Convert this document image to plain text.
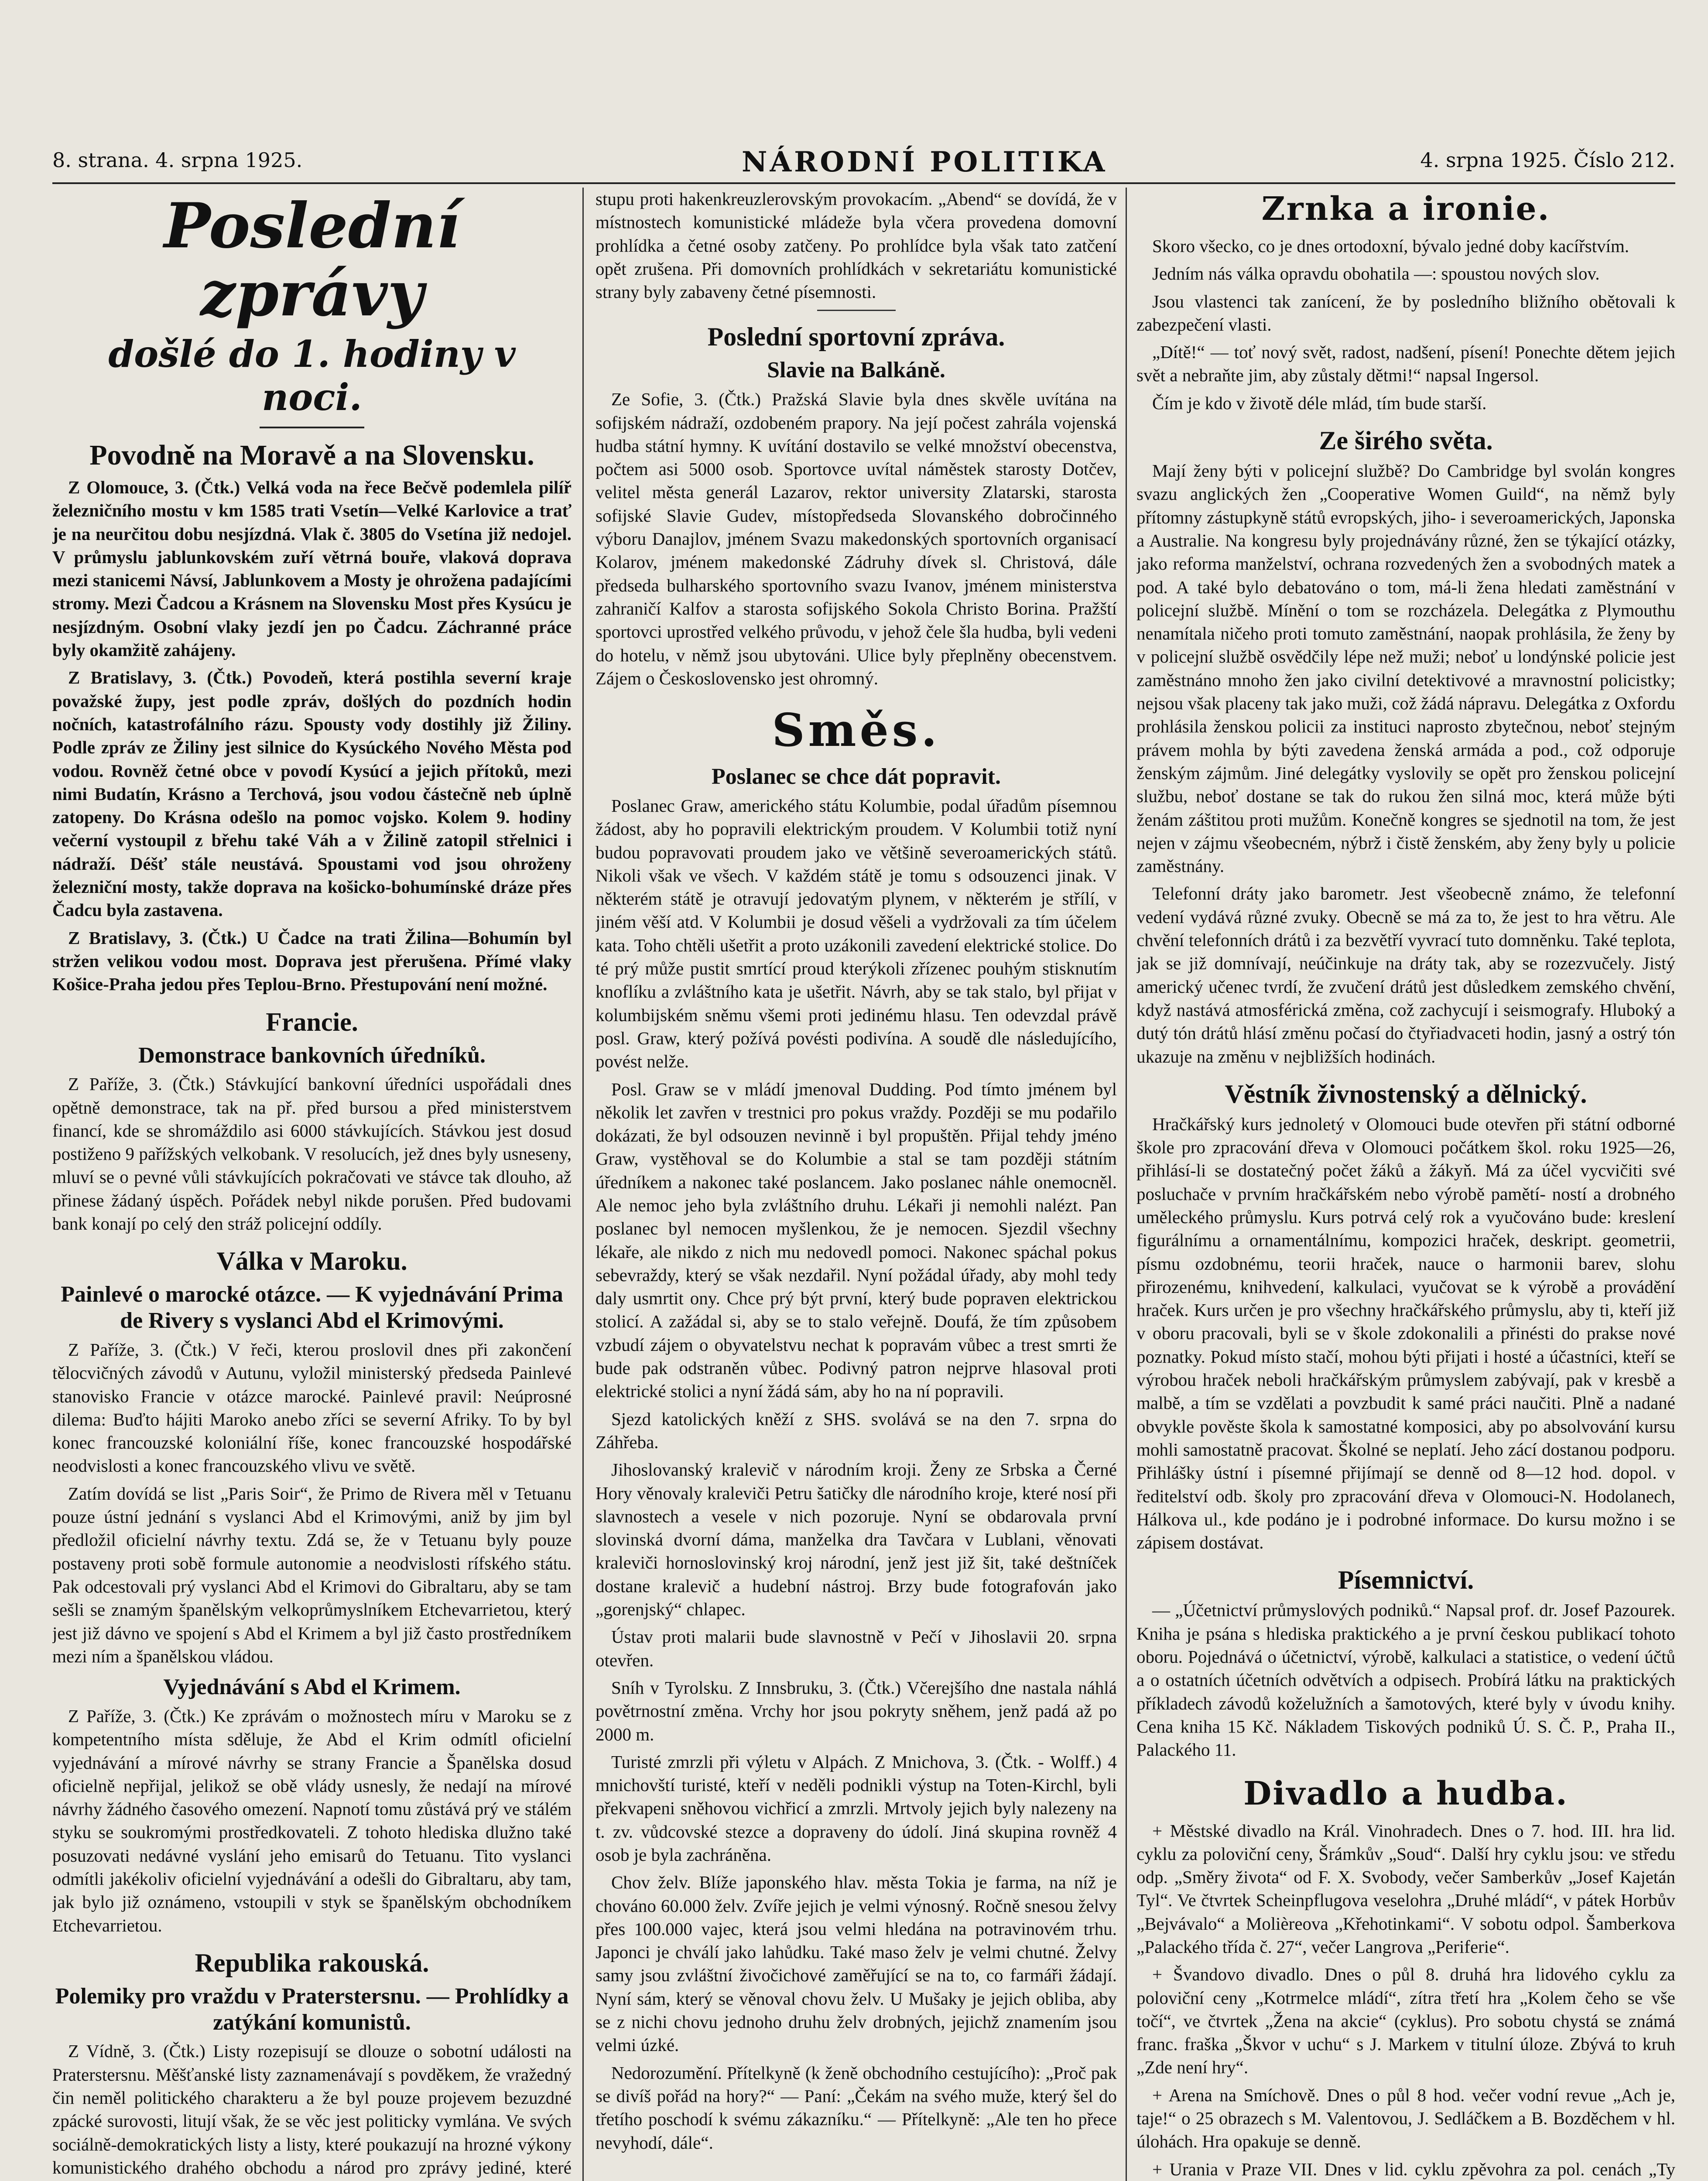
8. strana. 4. srpna 1925.	NÁRODNÍ POLITIKA	4. srpna 1925. Číslo 212.
Poslední zprávy
došlé do 1. hodiny v noci.
Povodně na Moravě a na Slovensku.

Z Olomouce, 3. (Čtk.) Velká voda na řece Bečvě podemlela pilíř železničního mostu v km 1585 trati Vsetín—Velké Karlovice a trať je na neurčitou dobu nesjízdná. Vlak č. 3805 do Vsetína již nedojel. V průmyslu jablunkovském zuří větrná bouře, vlaková doprava mezi stanicemi Návsí, Jablunkovem a Mosty je ohrožena padajícími stromy. Mezi Čadcou a Krásnem na Slovensku Most přes Kysúcu je nesjízdným. Osobní vlaky jezdí jen po Čadcu. Záchranné práce byly okamžitě zahájeny.

Z Bratislavy, 3. (Čtk.) Povodeň, která postihla severní kraje považské župy, jest podle zpráv, došlých do pozdních hodin nočních, katastrofálního rázu. Spousty vody dostihly již Žiliny. Podle zpráv ze Žiliny jest silnice do Kysúckého Nového Města pod vodou. Rovněž četné obce v povodí Kysúcí a jejich přítoků, mezi nimi Budatín, Krásno a Terchová, jsou vodou částečně neb úplně zatopeny. Do Krásna odešlo na pomoc vojsko. Kolem 9. hodiny večerní vystoupil z břehu také Váh a v Žilině zatopil střelnici i nádraží. Déšť stále neustává. Spoustami vod jsou ohroženy železniční mosty, takže doprava na košicko-bohumínské dráze přes Čadcu byla zastavena.

Z Bratislavy, 3. (Čtk.) U Čadce na trati Žilina—Bohumín byl stržen velikou vodou most. Doprava jest přerušena. Přímé vlaky Košice-Praha jedou přes Teplou-Brno. Přestupování není možné.

Francie.
Demonstrace bankovních úředníků.

Z Paříže, 3. (Čtk.) Stávkující bankovní úředníci uspořádali dnes opětně demonstrace, tak na př. před bursou a před ministerstvem financí, kde se shromáždilo asi 6000 stávkujících. Stávkou jest dosud postiženo 9 pařížských velkobank. V resolucích, jež dnes byly usneseny, mluví se o pevné vůli stávkujících pokračovati ve stávce tak dlouho, až přinese žádaný úspěch. Pořádek nebyl nikde porušen. Před budovami bank konají po celý den stráž policejní oddíly.

Válka v Maroku.
Painlevé o marocké otázce. — K vyjednávání Prima de Rivery s vyslanci Abd el Krimovými.

Z Paříže, 3. (Čtk.) V řeči, kterou proslovil dnes při zakončení tělocvičných závodů v Autunu, vyložil ministerský předseda Painlevé stanovisko Francie v otázce marocké. Painlevé pravil: Neúprosné dilema: Buďto hájiti Maroko anebo zříci se severní Afriky. To by byl konec francouzské koloniální říše, konec francouzské hospodářské neodvislosti a konec francouzského vlivu ve světě.

Zatím dovídá se list „Paris Soir“, že Primo de Rivera měl v Tetuanu pouze ústní jednání s vyslanci Abd el Krimovými, aniž by jim byl předložil oficielní návrhy textu. Zdá se, že v Tetuanu byly pouze postaveny proti sobě formule autonomie a neodvislosti rífského státu. Pak odcestovali prý vyslanci Abd el Krimovi do Gibraltaru, aby se tam sešli se znamým španělským velkoprůmyslníkem Etchevarrietou, který jest již dávno ve spojení s Abd el Krimem a byl již často prostředníkem mezi ním a španělskou vládou.

Vyjednávání s Abd el Krimem.

Z Paříže, 3. (Čtk.) Ke zprávám o možnostech míru v Maroku se z kompetentního místa sděluje, že Abd el Krim odmítl oficielní vyjednávání a mírové návrhy se strany Francie a Španělska dosud oficielně nepřijal, jelikož se obě vlády usnesly, že nedají na mírové návrhy žádného časového omezení. Napnotí tomu zůstává prý ve stálém styku se soukromými prostředkovateli. Z tohoto hlediska dlužno také posuzovati nedávné vyslání jeho emisarů do Tetuanu. Tito vyslanci odmítli jakékoliv oficielní vyjednávání a odešli do Gibraltaru, aby tam, jak bylo již oznámeno, vstoupili v styk se španělským obchodníkem Etchevarrietou.

Republika rakouská.
Polemiky pro vraždu v Praterstersnu. — Prohlídky a zatýkání komunistů.

Z Vídně, 3. (Čtk.) Listy rozepisují se dlouze o sobotní události na Praterstersnu. Měšťanské listy zaznamenávají s povděkem, že vražedný čin neměl politického charakteru a že byl pouze projevem bezuzdné zpácké surovosti, litují však, že se věc jest politicky vymlána. Ve svých sociálně-demokratických listy a listy, které poukazují na hrozné výkony komunistického drahého obchodu a národ pro zprávy jediné, které

stupu proti hakenkreuzlerovským provokacím. „Abend“ se dovídá, že v místnostech komunistické mládeže byla včera provedena domovní prohlídka a četné osoby zatčeny. Po prohlídce byla však tato zatčení opět zrušena. Při domovních prohlídkách v sekretariátu komunistické strany byly zabaveny četné písemnosti.

Poslední sportovní zpráva.
Slavie na Balkáně.

Ze Sofie, 3. (Čtk.) Pražská Slavie byla dnes skvěle uvítána na sofijském nádraží, ozdobeném prapory. Na její počest zahrála vojenská hudba státní hymny. K uvítání dostavilo se velké množství obecenstva, počtem asi 5000 osob. Sportovce uvítal náměstek starosty Dotčev, velitel města generál Lazarov, rektor university Zlatarski, starosta sofijské Slavie Gudev, místopředseda Slovanského dobročinného výboru Danajlov, jménem Svazu makedonských sportovních organisací Kolarov, jménem makedonské Zádruhy dívek sl. Christová, dále předseda bulharského sportovního svazu Ivanov, jménem ministerstva zahraničí Kalfov a starosta sofijského Sokola Christo Borina. Pražští sportovci uprostřed velkého průvodu, v jehož čele šla hudba, byli vedeni do hotelu, v němž jsou ubytováni. Ulice byly přeplněny obecenstvem. Zájem o Československo jest ohromný.

Směs.
Poslanec se chce dát popravit.

Poslanec Graw, amerického státu Kolumbie, podal úřadům písemnou žádost, aby ho popravili elektrickým proudem. V Kolumbii totiž nyní budou popravovati proudem jako ve většině severoamerických států. Nikoli však ve všech. V každém státě je tomu s odsouzenci jinak. V některém státě je otravují jedovatým plynem, v některém je střílí, v jiném věší atd. V Kolumbii je dosud věšeli a vydržovali za tím účelem kata. Toho chtěli ušetřit a proto uzákonili zavedení elektrické stolice. Do té prý může pustit smrtící proud kterýkoli zřízenec pouhým stisknutím knoflíku a zvláštního kata je ušetřit. Návrh, aby se tak stalo, byl přijat v kolumbijském sněmu všemi proti jedinému hlasu. Ten odevzdal právě posl. Graw, který požívá povésti podivína. A soudě dle následujícího, povést nelže.

Posl. Graw se v mládí jmenoval Dudding. Pod tímto jménem byl několik let zavřen v trestnici pro pokus vraždy. Později se mu podařilo dokázati, že byl odsouzen nevinně i byl propuštěn. Přijal tehdy jméno Graw, vystěhoval se do Kolumbie a stal se tam později státním úředníkem a nakonec také poslancem. Jako poslanec náhle onemocněl. Ale nemoc jeho byla zvláštního druhu. Lékaři ji nemohli nalézt. Pan poslanec byl nemocen myšlenkou, že je nemocen. Sjezdil všechny lékaře, ale nikdo z nich mu nedovedl pomoci. Nakonec spáchal pokus sebevraždy, který se však nezdařil. Nyní požádal úřady, aby mohl tedy daly usmrtit ony. Chce prý být první, který bude popraven elektrickou stolicí. A zažádal si, aby se to stalo veřejně. Doufá, že tím způsobem vzbudí zájem o obyvatelstvu nechat k popravám vůbec a trest smrti že bude pak odstraněn vůbec. Podivný patron nejprve hlasoval proti elektrické stolici a nyní žádá sám, aby ho na ní popravili.

Sjezd katolických kněží z SHS. svolává se na den 7. srpna do Záhřeba.

Jihoslovanský kralevič v národním kroji. Ženy ze Srbska a Černé Hory věnovaly kraleviči Petru šatičky dle národního kroje, které nosí při slavnostech a vesele v nich pozoruje. Nyní se obdarovala první slovinská dvorní dáma, manželka dra Tavčara v Lublani, věnovati kraleviči hornoslovinský kroj národní, jenž jest již šit, také deštníček dostane kralevič a hudební nástroj. Brzy bude fotografován jako „gorenjský“ chlapec.

Ústav proti malarii bude slavnostně v Pečí v Jihoslavii 20. srpna otevřen.

Sníh v Tyrolsku. Z Innsbruku, 3. (Čtk.) Včerejšího dne nastala náhlá povětrnostní změna. Vrchy hor jsou pokryty sněhem, jenž padá až po 2000 m.

Turisté zmrzli při výletu v Alpách. Z Mnichova, 3. (Čtk. - Wolff.) 4 mnichovští turisté, kteří v neděli podnikli výstup na Toten-Kirchl, byli překvapeni sněhovou vichřicí a zmrzli. Mrtvoly jejich byly nalezeny na t. zv. vůdcovské stezce a dopraveny do údolí. Jiná skupina rovněž 4 osob je byla zachráněna.

Chov želv. Blíže japonského hlav. města Tokia je farma, na níž je chováno 60.000 želv. Zvíře jejich je velmi výnosný. Ročně snesou želvy přes 100.000 vajec, která jsou velmi hledána na potravinovém trhu. Japonci je chválí jako lahůdku. Také maso želv je velmi chutné. Želvy samy jsou zvláštní živočichové zaměřující se na to, co farmáři žádají. Nyní sám, který se věnoval chovu želv. U Mušaky je jejich obliba, aby se z nichi chovu jednoho druhu želv drobných, jejichž znamením jsou velmi úzké.

Nedorozumění. Přítelkyně (k ženě obchodního cestujícího): „Proč pak se divíš pořád na hory?“ — Paní: „Čekám na svého muže, který šel do třetího poschodí k svému zákazníku.“ — Přítelkyně: „Ale ten ho přece nevyhodí, dále“.

Zrnka a ironie.

Skoro všecko, co je dnes ortodoxní, bývalo jedné doby kacířstvím.

Jedním nás válka opravdu obohatila —: spoustou nových slov.

Jsou vlastenci tak zanícení, že by posledního bližního obětovali k zabezpečení vlasti.

„Dítě!“ — toť nový svět, radost, nadšení, písení! Ponechte dětem jejich svět a nebraňte jim, aby zůstaly dětmi!“ napsal Ingersol.

Čím je kdo v životě déle mlád, tím bude starší.

Ze širého světa.

Mají ženy býti v policejní službě? Do Cambridge byl svolán kongres svazu anglických žen „Cooperative Women Guild“, na němž byly přítomny zástupkyně států evropských, jiho- i severoamerických, Japonska a Australie. Na kongresu byly projednávány různé, žen se týkající otázky, jako reforma manželství, ochrana rozvedených žen a svobodných matek a pod. A také bylo debatováno o tom, má-li žena hledati zaměstnání v policejní službě. Mínění o tom se rozcházela. Delegátka z Plymouthu nenamítala ničeho proti tomuto zaměstnání, naopak prohlásila, že ženy by v policejní službě osvědčily lépe než muži; neboť u londýnské policie jest zaměstnáno mnoho žen jako civilní detektivové a mravnostní policistky; nejsou však placeny tak jako muži, což žádá nápravu. Delegátka z Oxfordu prohlásila ženskou policii za instituci naprosto zbytečnou, neboť stejným právem mohla by býti zavedena ženská armáda a pod., což odporuje ženským zájmům. Jiné delegátky vyslovily se opět pro ženskou policejní službu, neboť dostane se tak do rukou žen silná moc, která může býti ženám záštitou proti mužům. Konečně kongres se sjednotil na tom, že jest nejen v zájmu všeobecném, nýbrž i čistě ženském, aby ženy byly u policie zaměstnány.

Telefonní dráty jako barometr. Jest všeobecně známo, že telefonní vedení vydává různé zvuky. Obecně se má za to, že jest to hra větru. Ale chvění telefonních drátů i za bezvětří vyvrací tuto domněnku. Také teplota, jak se již domnívají, neúčinkuje na dráty tak, aby se rozezvučely. Jistý americký učenec tvrdí, že zvučení drátů jest důsledkem zemského chvění, když nastává atmosférická změna, což zachycují i seismografy. Hluboký a dutý tón drátů hlásí změnu počasí do čtyřiadvaceti hodin, jasný a ostrý tón ukazuje na změnu v nejbližších hodinách.

Věstník živnostenský a dělnický.

Hračkářský kurs jednoletý v Olomouci bude otevřen při státní odborné škole pro zpracování dřeva v Olomouci počátkem škol. roku 1925—26, přihlásí-li se dostatečný počet žáků a žákyň. Má za účel vycvičiti své posluchače v prvním hračkářském nebo výrobě pamětí- ností a drobného uměleckého průmyslu. Kurs potrvá celý rok a vyučováno bude: kreslení figurálnímu a ornamentálnímu, kompozici hraček, deskript. geometrii, písmu ozdobnému, teorii hraček, nauce o harmonii barev, slohu přirozenému, knihvedení, kalkulaci, vyučovat se k výrobě a provádění hraček. Kurs určen je pro všechny hračkářského průmyslu, aby ti, kteří již v oboru pracovali, byli se v škole zdokonalili a přinésti do prakse nové poznatky. Pokud místo stačí, mohou býti přijati i hosté a účastníci, kteří se výrobou hraček neboli hračkářským průmyslem zabývají, pak v kresbě a malbě, a tím se vzdělati a povzbudit k samé práci naučiti. Plně a nadané obvykle pověste škola k samostatné komposici, aby po absolvování kursu mohli samostatně pracovat. Školné se neplatí. Jeho zácí dostanou podporu. Přihlášky ústní i písemné přijímají se denně od 8—12 hod. dopol. v ředitelství odb. školy pro zpracování dřeva v Olomouci-N. Hodolanech, Hálkova ul., kde podáno je i podrobné informace. Do kursu možno i se zápisem dostávat.

Písemnictví.

— „Účetnictví průmyslových podniků.“ Napsal prof. dr. Josef Pazourek. Kniha je psána s hlediska praktického a je první českou publikací tohoto oboru. Pojednává o účetnictví, výrobě, kalkulaci a statistice, o vedení účtů a o ostatních účetních odvětvích a odpisech. Probírá látku na praktických příkladech závodů koželužních a šamotových, které byly v úvodu knihy. Cena kniha 15 Kč. Nákladem Tiskových podniků Ú. S. Č. P., Praha II., Palackého 11.

Divadlo a hudba.

+ Městské divadlo na Král. Vinohradech. Dnes o 7. hod. III. hra lid. cyklu za poloviční ceny, Šrámkův „Soud“. Další hry cyklu jsou: ve středu odp. „Směry života“ od F. X. Svobody, večer Samberkův „Josef Kajetán Tyl“. Ve čtvrtek Scheinpflugova veselohra „Druhé mládí“, v pátek Horbův „Bejvávalo“ a Molièreova „Křehotinkami“. V sobotu odpol. Šamberkova „Palackého třída č. 27“, večer Langrova „Periferie“.

+ Švandovo divadlo. Dnes o půl 8. druhá hra lidového cyklu za poloviční ceny „Kotrmelce mládí“, zítra třetí hra „Kolem čeho se vše točí“, ve čtvrtek „Žena na akcie“ (cyklus). Pro sobotu chystá se známá franc. fraška „Škvor v uchu“ s J. Markem v titulní úloze. Zbývá to kruh „Zde není hry“.

+ Arena na Smíchově. Dnes o půl 8 hod. večer vodní revue „Ach je, taje!“ o 25 obrazech s M. Valentovou, J. Sedláčkem a B. Bozděchem v hl. úlohách. Hra opakuje se denně.

+ Urania v Praze VII. Dnes v lid. cyklu zpěvohra za pol. cenách „Ty
